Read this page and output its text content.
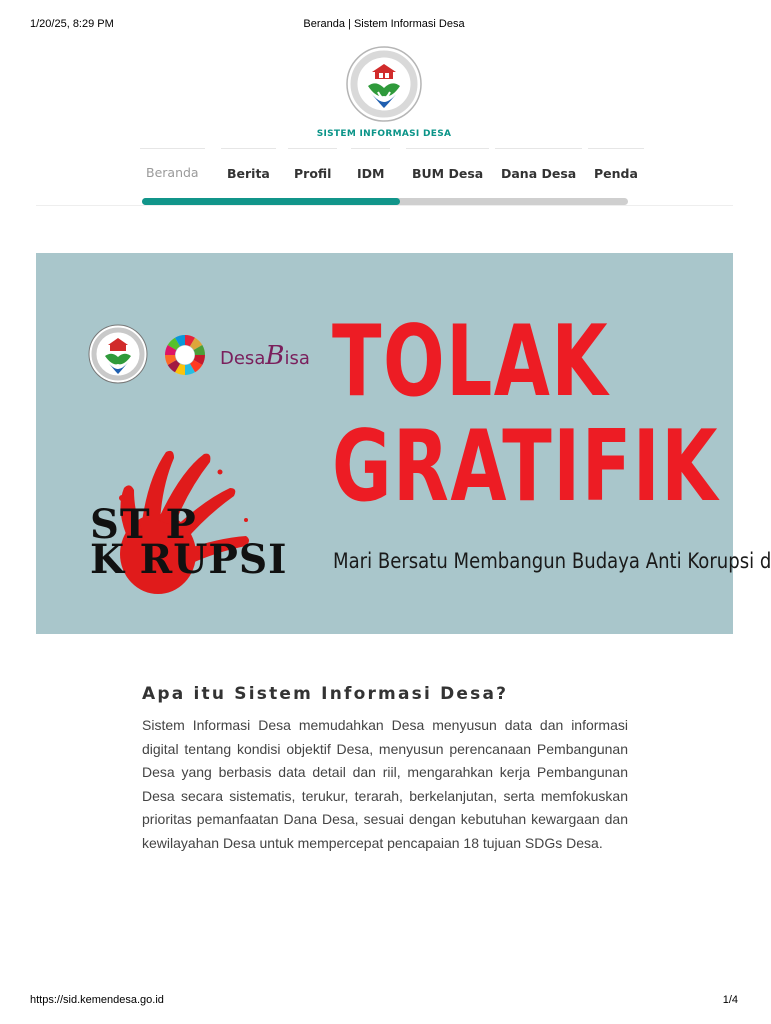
1/20/25, 8:29 PM	Beranda | Sistem Informasi Desa
SISTEM INFORMASI DESA
Beranda Berita Profil IDM BUM Desa Dana Desa Penda
DesaBisa TOLAK
GRATIFIK
ST P
K RUPSI Mari Bersatu Membangun Budaya Anti Korupsi d
Apa itu Sistem Informasi Desa?
Sistem Informasi Desa memudahkan Desa menyusun data dan informasi digital tentang kondisi objektif Desa, menyusun perencanaan Pembangunan Desa yang berbasis data detail dan riil, mengarahkan kerja Pembangunan Desa secara sistematis, terukur, terarah, berkelanjutan, serta memfokuskan prioritas pemanfaatan Dana Desa, sesuai dengan kebutuhan kewargaan dan kewilayahan Desa untuk mempercepat pencapaian 18 tujuan SDGs Desa.
https://sid.kemendesa.go.id	1/4
